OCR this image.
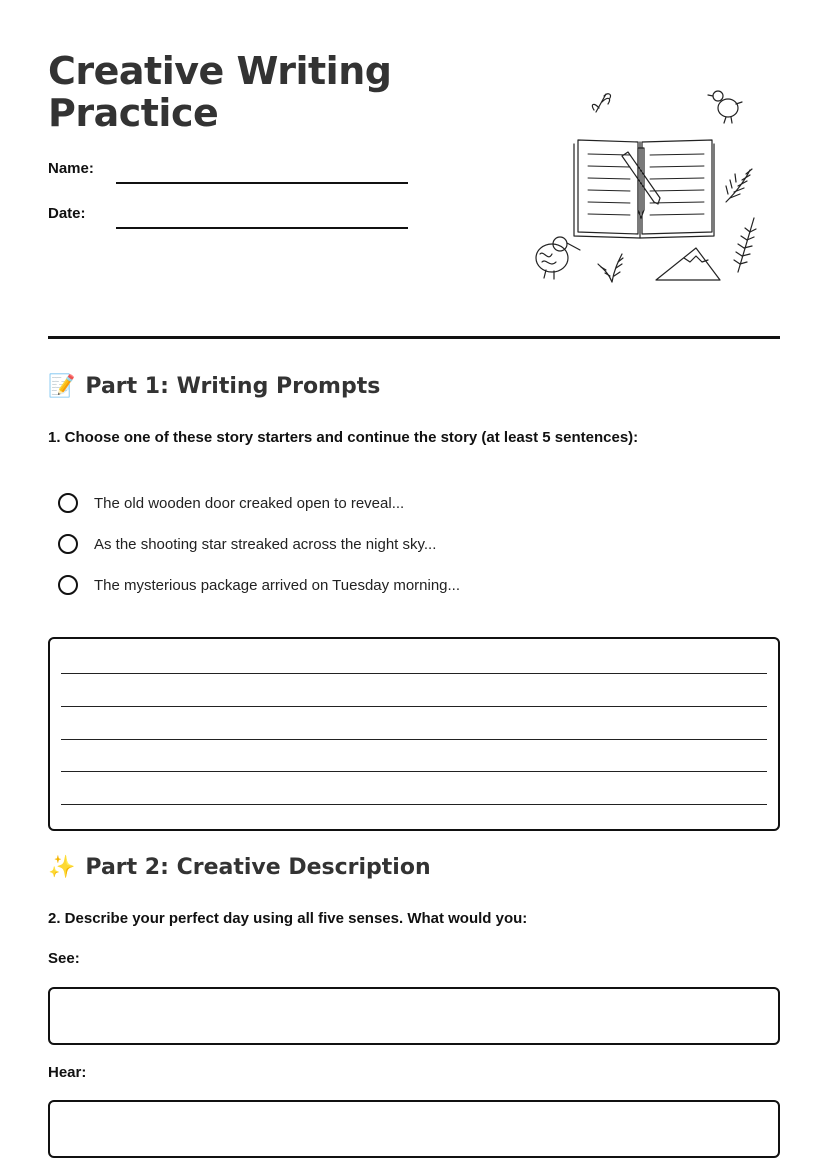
Creative Writing
Practice
Name:
Date:
📝 Part 1: Writing Prompts
1. Choose one of these story starters and continue the story (at least 5 sentences):
The old wooden door creaked open to reveal...
As the shooting star streaked across the night sky...
The mysterious package arrived on Tuesday morning...
✨ Part 2: Creative Description
2. Describe your perfect day using all five senses. What would you:
See:
Hear:
